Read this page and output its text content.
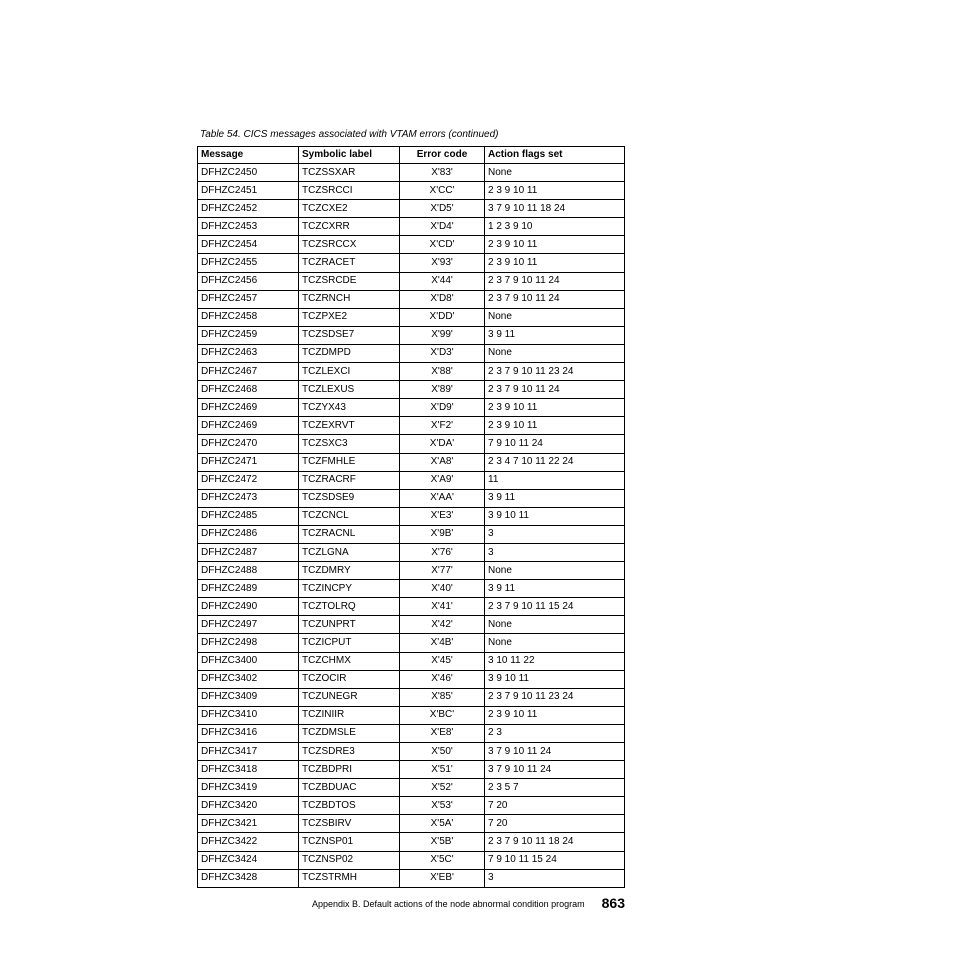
Table 54. CICS messages associated with VTAM errors (continued)
Message	Symbolic label	Error code	Action flags set
DFHZC2450	TCZSSXAR	X'83'	None
DFHZC2451	TCZSRCCI	X'CC'	2 3 9 10 11
DFHZC2452	TCZCXE2	X'D5'	3 7 9 10 11 18 24
DFHZC2453	TCZCXRR	X'D4'	1 2 3 9 10
DFHZC2454	TCZSRCCX	X'CD'	2 3 9 10 11
DFHZC2455	TCZRACET	X'93'	2 3 9 10 11
DFHZC2456	TCZSRCDE	X'44'	2 3 7 9 10 11 24
DFHZC2457	TCZRNCH	X'D8'	2 3 7 9 10 11 24
DFHZC2458	TCZPXE2	X'DD'	None
DFHZC2459	TCZSDSE7	X'99'	3 9 11
DFHZC2463	TCZDMPD	X'D3'	None
DFHZC2467	TCZLEXCI	X'88'	2 3 7 9 10 11 23 24
DFHZC2468	TCZLEXUS	X'89'	2 3 7 9 10 11 24
DFHZC2469	TCZYX43	X'D9'	2 3 9 10 11
DFHZC2469	TCZEXRVT	X'F2'	2 3 9 10 11
DFHZC2470	TCZSXC3	X'DA'	7 9 10 11 24
DFHZC2471	TCZFMHLE	X'A8'	2 3 4 7 10 11 22 24
DFHZC2472	TCZRACRF	X'A9'	11
DFHZC2473	TCZSDSE9	X'AA'	3 9 11
DFHZC2485	TCZCNCL	X'E3'	3 9 10 11
DFHZC2486	TCZRACNL	X'9B'	3
DFHZC2487	TCZLGNA	X'76'	3
DFHZC2488	TCZDMRY	X'77'	None
DFHZC2489	TCZINCPY	X'40'	3 9 11
DFHZC2490	TCZTOLRQ	X'41'	2 3 7 9 10 11 15 24
DFHZC2497	TCZUNPRT	X'42'	None
DFHZC2498	TCZICPUT	X'4B'	None
DFHZC3400	TCZCHMX	X'45'	3 10 11 22
DFHZC3402	TCZOCIR	X'46'	3 9 10 11
DFHZC3409	TCZUNEGR	X'85'	2 3 7 9 10 11 23 24
DFHZC3410	TCZINIIR	X'BC'	2 3 9 10 11
DFHZC3416	TCZDMSLE	X'E8'	2 3
DFHZC3417	TCZSDRE3	X'50'	3 7 9 10 11 24
DFHZC3418	TCZBDPRI	X'51'	3 7 9 10 11 24
DFHZC3419	TCZBDUAC	X'52'	2 3 5 7
DFHZC3420	TCZBDTOS	X'53'	7 20
DFHZC3421	TCZSBIRV	X'5A'	7 20
DFHZC3422	TCZNSP01	X'5B'	2 3 7 9 10 11 18 24
DFHZC3424	TCZNSP02	X'5C'	7 9 10 11 15 24
DFHZC3428	TCZSTRMH	X'EB'	3
Appendix B. Default actions of the node abnormal condition program 863
